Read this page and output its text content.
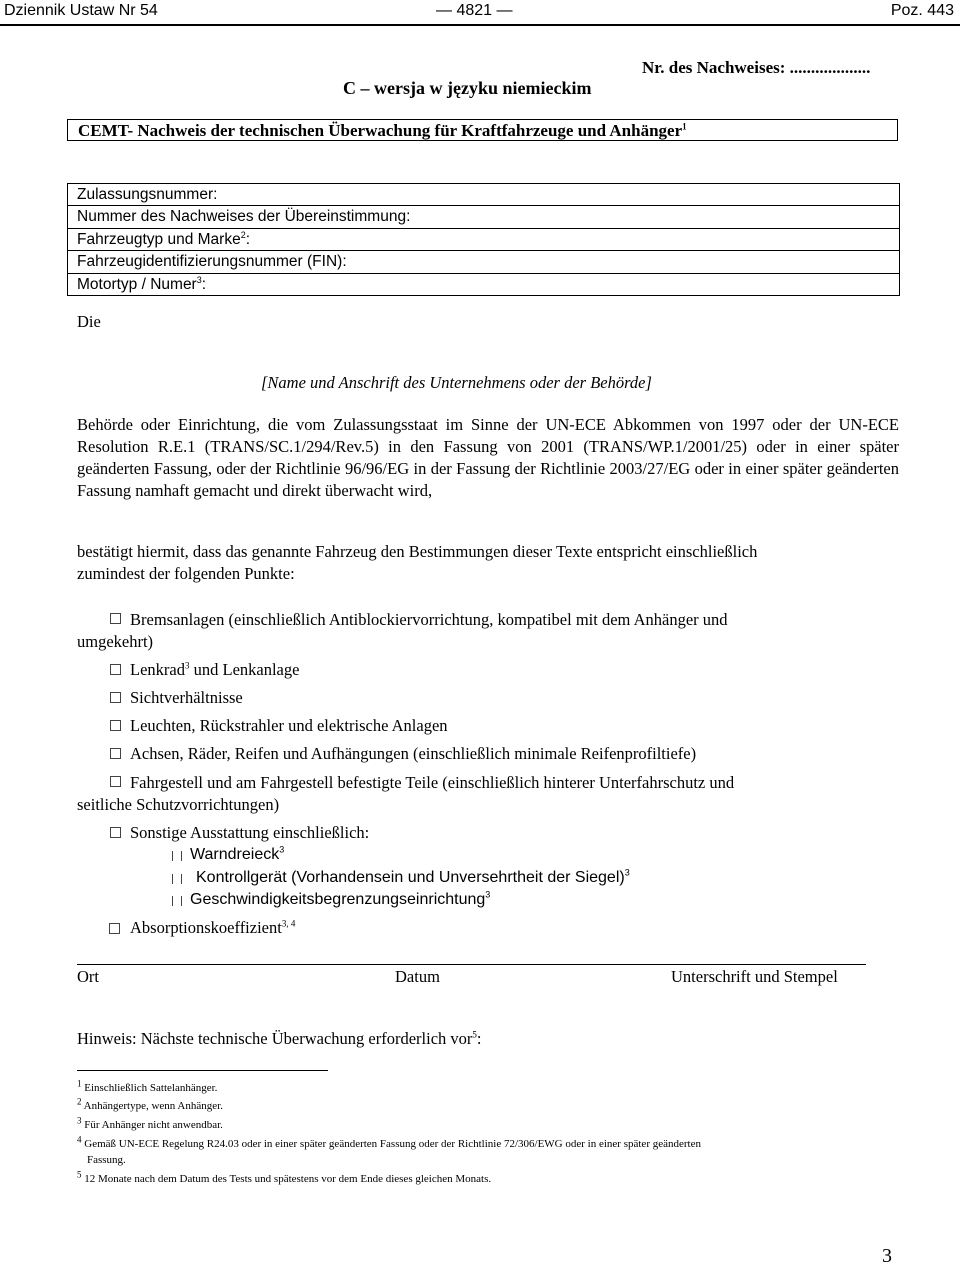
Dziennik Ustaw Nr 54	— 4821 —	Poz. 443
Nr. des Nachweises: ...................
C – wersja w języku niemieckim
CEMT- Nachweis der technischen Überwachung für Kraftfahrzeuge und Anhänger$^1$
Zulassungsnummer:
Nummer des Nachweises der Übereinstimmung:
Fahrzeugtyp und Marke$^2$:
Fahrzeugidentifizierungsnummer (FIN):
Motortyp / Numer$^3$:
Die
[Name und Anschrift des Unternehmens oder der Behörde]
Behörde oder Einrichtung, die vom Zulassungsstaat im Sinne der UN-ECE Abkommen von 1997 oder der UN-ECE Resolution R.E.1 (TRANS/SC.1/294/Rev.5) in den Fassung von 2001 (TRANS/WP.1/2001/25) oder in einer später geänderten Fassung, oder der Richtlinie 96/96/EG in der Fassung der Richtlinie 2003/27/EG oder in einer später geänderten Fassung namhaft gemacht und direkt überwacht wird,
bestätigt hiermit, dass das genannte Fahrzeug den Bestimmungen dieser Texte entspricht einschließlich zumindest der folgenden Punkte:
Bremsanlagen (einschließlich Antiblockiervorrichtung, kompatibel mit dem Anhänger und
umgekehrt)
Lenkrad$^3$ und Lenkanlage
Sichtverhältnisse
Leuchten, Rückstrahler und elektrische Anlagen
Achsen, Räder, Reifen und Aufhängungen (einschließlich minimale Reifenprofiltiefe)
Fahrgestell und am Fahrgestell befestigte Teile (einschließlich hinterer Unterfahrschutz und
seitliche Schutzvorrichtungen)
Sonstige Ausstattung einschließlich:
Warndreieck$^3$
Kontrollgerät (Vorhandensein und Unversehrtheit der Siegel)$^3$
Geschwindigkeitsbegrenzungseinrichtung$^3$
Absorptionskoeffizient$^{3, 4}$
Ort	Datum	Unterschrift und Stempel
Hinweis: Nächste technische Überwachung erforderlich vor$^5$:
$^1$ Einschließlich Sattelanhänger.
$^2$ Anhängertype, wenn Anhänger.
$^3$ Für Anhänger nicht anwendbar.
$^4$ Gemäß UN-ECE Regelung R24.03 oder in einer später geänderten Fassung oder der Richtlinie 72/306/EWG oder in einer später geänderten
Fassung.
$^5$ 12 Monate nach dem Datum des Tests und spätestens vor dem Ende dieses gleichen Monats.
3
